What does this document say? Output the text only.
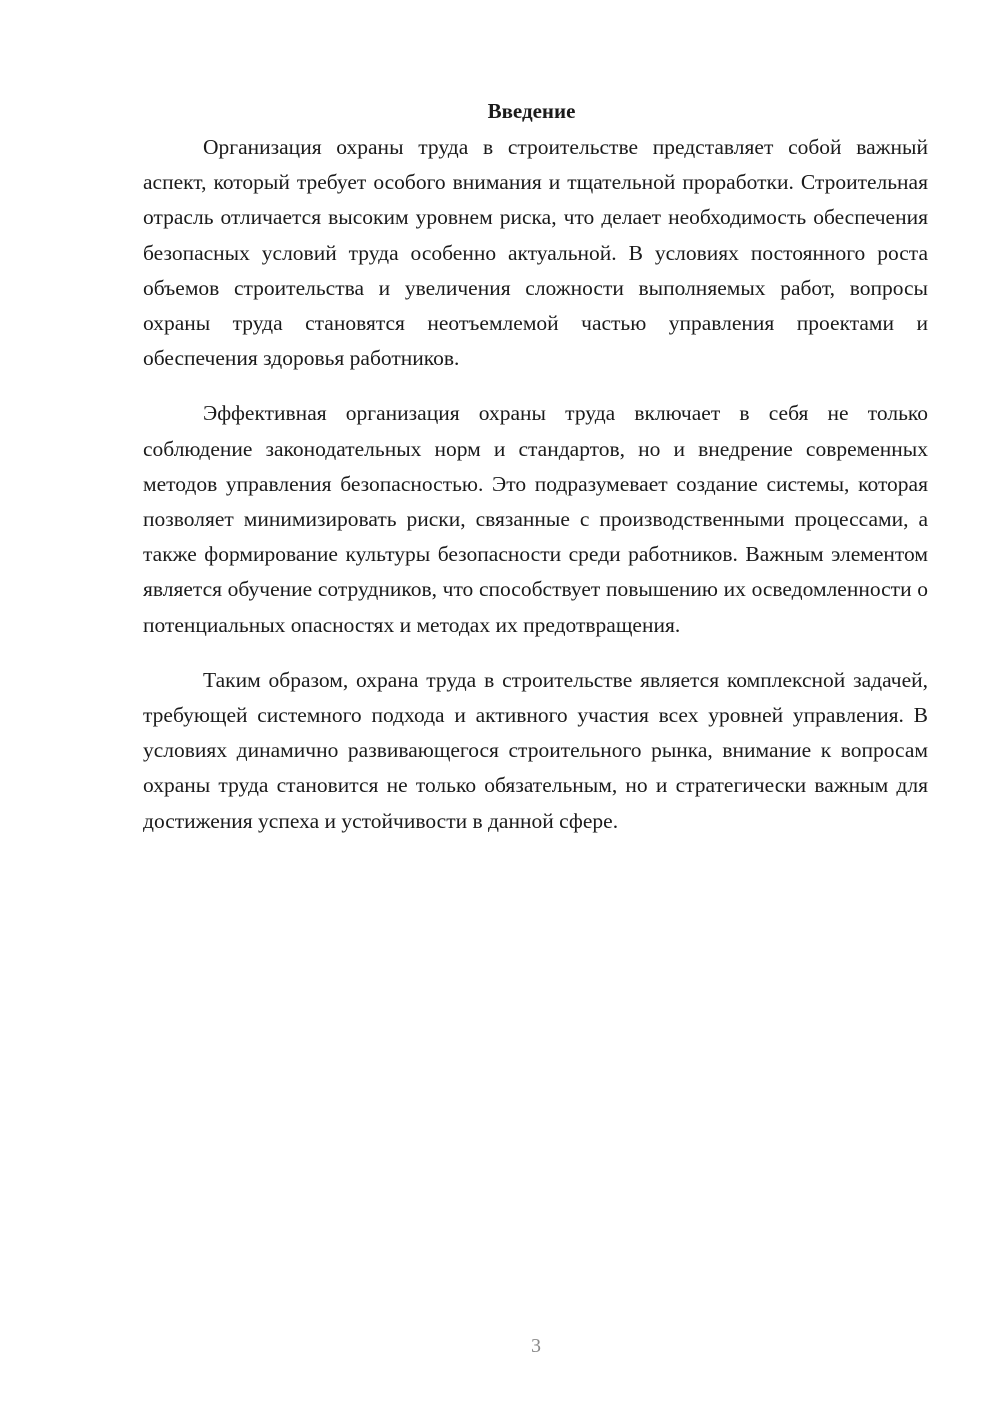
Введение

Организация охраны труда в строительстве представляет собой важный аспект, который требует особого внимания и тщательной проработки. Строительная отрасль отличается высоким уровнем риска, что делает необходимость обеспечения безопасных условий труда особенно актуальной. В условиях постоянного роста объемов строительства и увеличения сложности выполняемых работ, вопросы охраны труда становятся неотъемлемой частью управления проектами и обеспечения здоровья работников.

Эффективная организация охраны труда включает в себя не только соблюдение законодательных норм и стандартов, но и внедрение современных методов управления безопасностью. Это подразумевает создание системы, которая позволяет минимизировать риски, связанные с производственными процессами, а также формирование культуры безопасности среди работников. Важным элементом является обучение сотрудников, что способствует повышению их осведомленности о потенциальных опасностях и методах их предотвращения.

Таким образом, охрана труда в строительстве является комплексной задачей, требующей системного подхода и активного участия всех уровней управления. В условиях динамично развивающегося строительного рынка, внимание к вопросам охраны труда становится не только обязательным, но и стратегически важным для достижения успеха и устойчивости в данной сфере.

3
